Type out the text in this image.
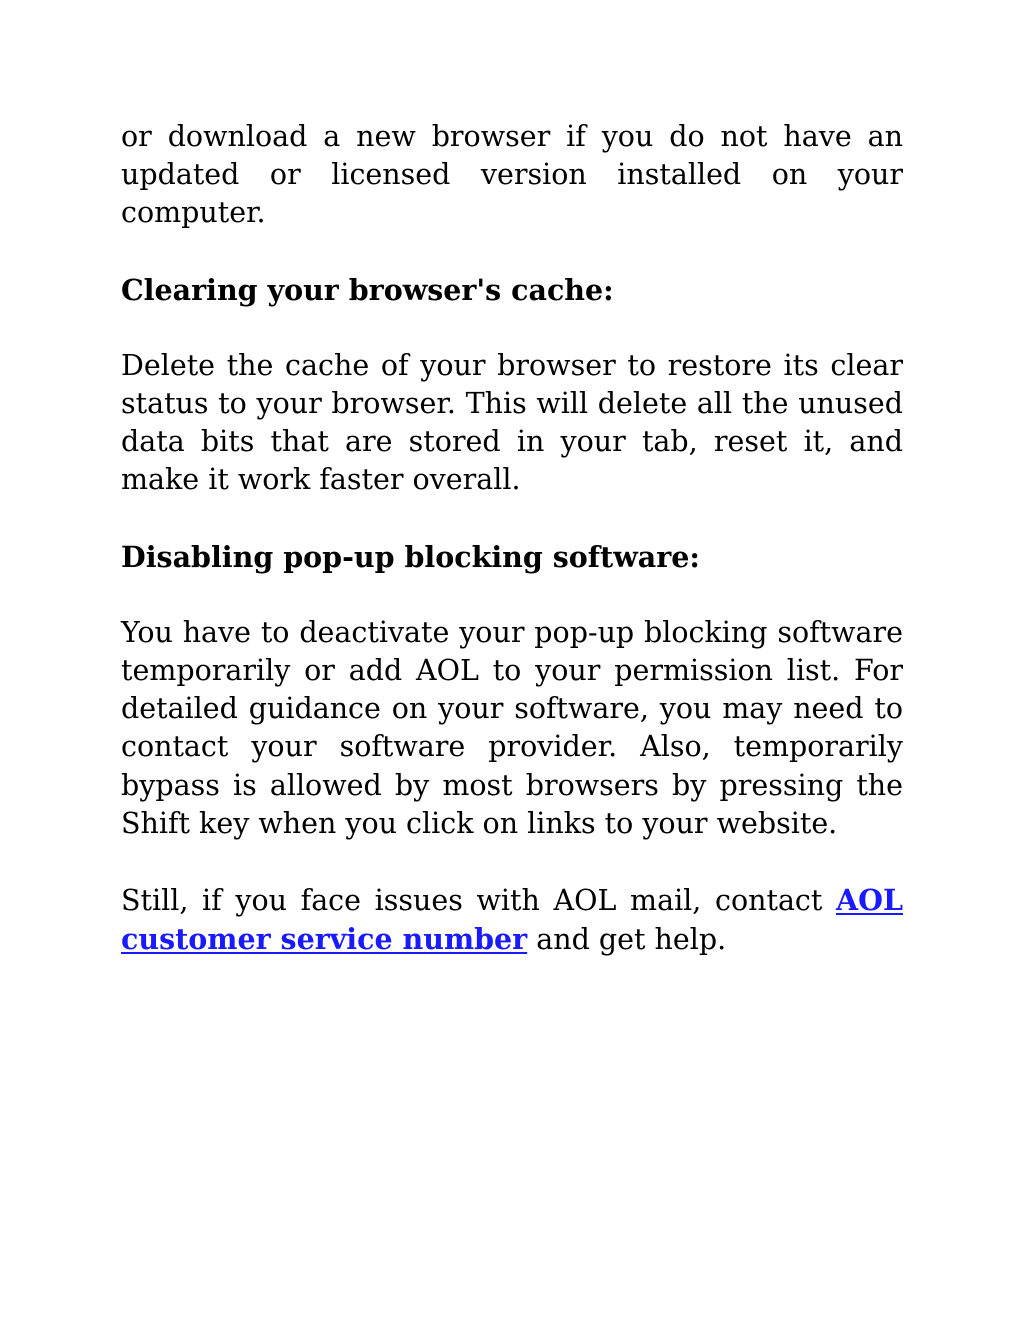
or download a new browser if you do not have an updated or licensed version installed on your computer.

Clearing your browser's cache:

Delete the cache of your browser to restore its clear status to your browser. This will delete all the unused data bits that are stored in your tab, reset it, and make it work faster overall.

Disabling pop-up blocking software:

You have to deactivate your pop-up blocking software temporarily or add AOL to your permission list. For detailed guidance on your software, you may need to contact your software provider. Also, temporarily bypass is allowed by most browsers by pressing the Shift key when you click on links to your website.

Still, if you face issues with AOL mail, contact AOL customer service number and get help.
